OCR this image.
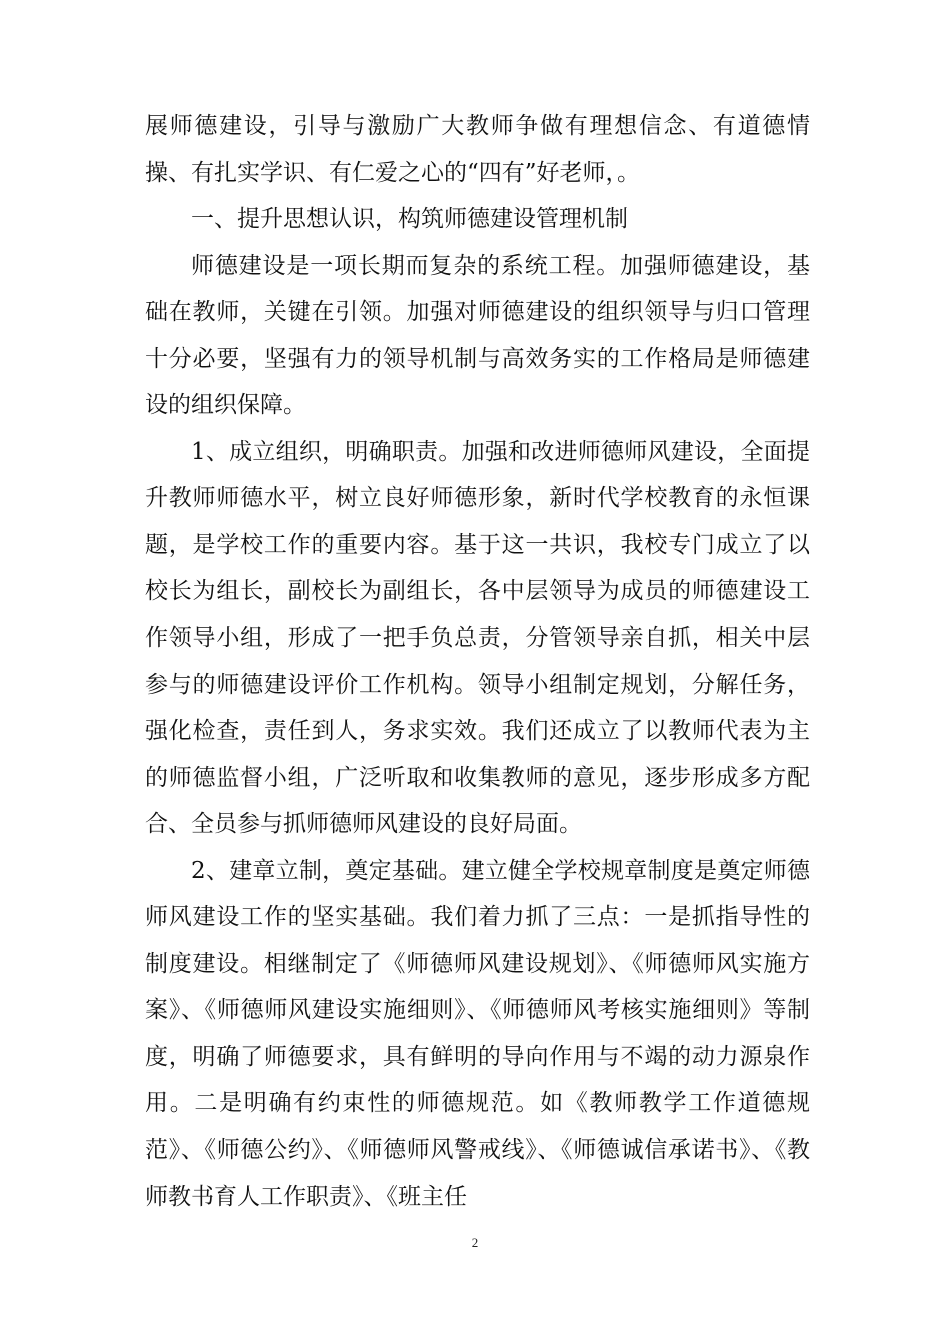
展师德建设，引导与激励广大教师争做有理想信念、有道德情操、有扎实学识、有仁爱之心的“四有”好老师，。

一、提升思想认识，构筑师德建设管理机制

师德建设是一项长期而复杂的系统工程。加强师德建设，基础在教师，关键在引领。加强对师德建设的组织领导与归口管理十分必要，坚强有力的领导机制与高效务实的工作格局是师德建设的组织保障。

1、成立组织，明确职责。加强和改进师德师风建设，全面提升教师师德水平，树立良好师德形象，新时代学校教育的永恒课题，是学校工作的重要内容。基于这一共识，我校专门成立了以校长为组长，副校长为副组长，各中层领导为成员的师德建设工作领导小组，形成了一把手负总责，分管领导亲自抓，相关中层参与的师德建设评价工作机构。领导小组制定规划，分解任务，强化检查，责任到人，务求实效。我们还成立了以教师代表为主的师德监督小组，广泛听取和收集教师的意见，逐步形成多方配合、全员参与抓师德师风建设的良好局面。

2、建章立制，奠定基础。建立健全学校规章制度是奠定师德师风建设工作的坚实基础。我们着力抓了三点：一是抓指导性的制度建设。相继制定了《师德师风建设规划》、《师德师风实施方案》、《师德师风建设实施细则》、《师德师风考核实施细则》等制度，明确了师德要求，具有鲜明的导向作用与不竭的动力源泉作用。二是明确有约束性的师德规范。如《教师教学工作道德规范》、《师德公约》、《师德师风警戒线》、《师德诚信承诺书》、《教师教书育人工作职责》、《班主任

2
